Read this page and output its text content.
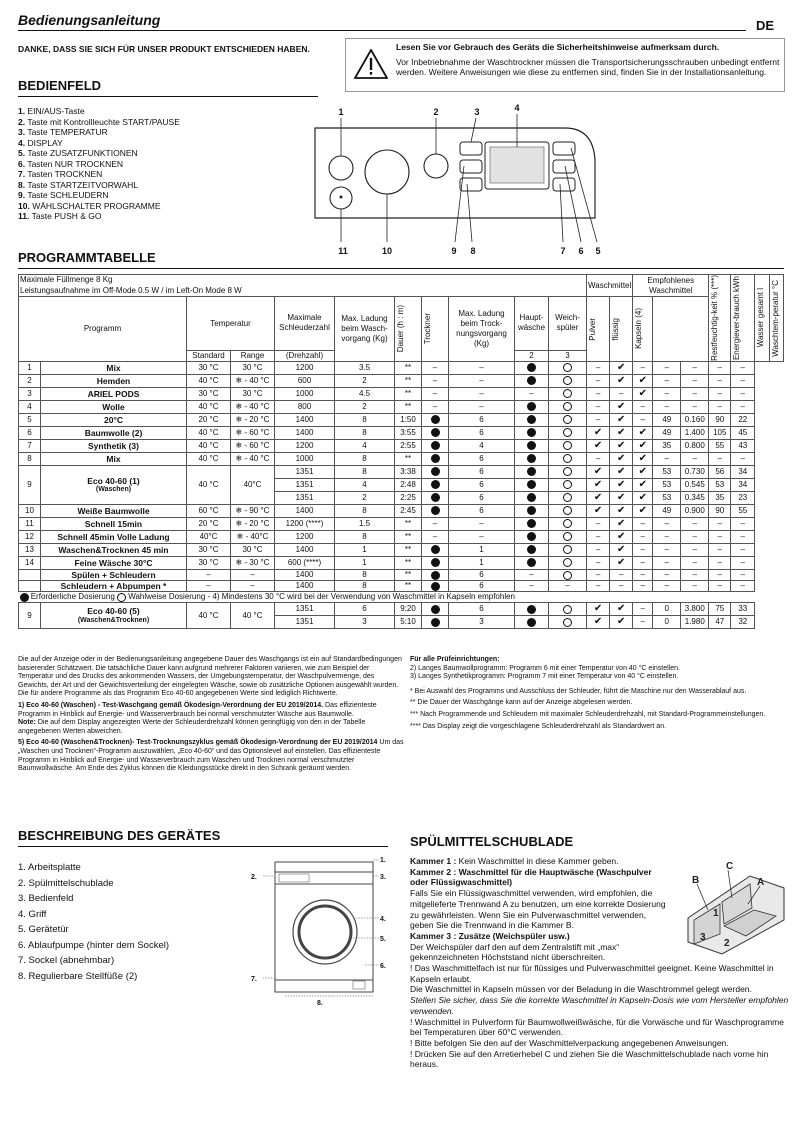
Bedienungsanleitung	DE
DANKE, DASS SIE SICH FÜR UNSER PRODUKT ENTSCHIEDEN HABEN.	Lesen Sie vor Gebrauch des Geräts die Sicherheitshinweise aufmerksam durch.
Vor Inbetriebnahme der Waschtrockner müssen die Transportsicherungsschrauben unbedingt entfernt werden. Weitere Anweisungen wie diese zu entfernen sind, finden Sie in der Installationsanleitung.
BEDIENFELD
1. EIN/AUS-Taste
2. Taste mit Kontrollleuchte START/PAUSE
3. Taste TEMPERATUR
4. DISPLAY
5. Taste ZUSATZFUNKTIONEN
6. Tasten NUR TROCKNEN
7. Tasten TROCKNEN
8. Taste STARTZEITVORWAHL
9. Taste SCHLEUDERN
10. WÄHLSCHALTER PROGRAMME
11. Taste PUSH & GO
1	2	3	4
11	10	9 8	7 6 5
PROGRAMMTABELLE
Maximale Füllmenge 8 Kg											Waschmittel		Empfohlenes Waschmittel			Restfeuchtig-keit % (***)	Energiever-brauch kWh	Wasser gesamt l	Waschtem-peratur °C

Leistungsaufnahme im Off-Mode 0.5 W / im Left-On Mode 8 W																			
Programm		Temperatur		Maximale Schleuderzahl	Max. Ladung beim Wasch-vorgang (Kg)	Dauer (h : m)	Trockner	Max. Ladung beim Trock-nungsvorgang (Kg)	Haupt-wäsche	Weich-spüler	Pulver	flüssig	Kapseln (4)						

		Standard	Range	(Drehzahl)					2	3									
1	Mix	30 °C	30 °C	1200	3.5	**	–	–			–	✔	–	–	–	–	–		
2	Hemden	40 °C	❄ - 40 °C	600	2	**	–	–			–	✔	✔	–	–	–	–		
3	ARIEL PODS	30 °C	30 °C	1000	4.5	**	–	–	–		–	–	✔	–	–	–	–		
4	Wolle	40 °C	❄ - 40 °C	800	2	**	–	–			–	✔	–	–	–	–	–		
5	20°C	20 °C	❄ - 20 °C	1400	8	1:50		6			–	✔	–	49	0.160	90	22		
6	Baumwolle (2)	40 °C	❄ - 60 °C	1400	8	3:55		6			✔	✔	✔	49	1.400	105	45		
7	Synthetik (3)	40 °C	❄ - 60 °C	1200	4	2:55		4			✔	✔	✔	35	0.800	55	43		
8	Mix	40 °C	❄ - 40 °C	1000	8	**		6			–	✔	✔	–	–	–	–		
9	Eco 40-60 (1)
(Waschen)	40 °C	40°C	1351	8	3:38		6			✔	✔	✔	53	0.730	56	34		
				1351	4	2:48		6			✔	✔	✔	53	0.545	53	34		
				1351	2	2:25		6			✔	✔	✔	53	0.345	35	23		
10	Weiße Baumwolle	60 °C	❄ - 90 °C	1400	8	2:45		6			✔	✔	✔	49	0.900	90	55		
11	Schnell 15min	20 °C	❄ - 20 °C	1200 (****)	1.5	**	–	–			–	✔	–	–	–	–	–		
12	Schnell 45min Volle Ladung	40°C	❄ - 40°C	1200	8	**	–	–			–	✔	–	–	–	–	–		
13	Waschen&Trocknen 45 min	30 °C	30 °C	1400	1	**		1			–	✔	–	–	–	–	–		
14	Feine Wäsche 30°C	30 °C	❄ - 30 °C	600 (****)	1	**		1			–	✔	–	–	–	–	–		
	Spülen + Schleudern	–	–	1400	8	**		6	–		–	–	–	–	–	–	–		
	Schleudern + Abpumpen *	–	–	1400	8	**		6	–	–	–	–	–	–	–	–	–		
Erforderliche Dosierung  Wahlweise Dosierung - 4) Mindestens 30 °C wird bei der Verwendung von Waschmittel in Kapseln empfohlen																			
9	Eco 40-60 (5)
(Waschen&Trocknen)	40 °C	40 °C	1351	6	9:20		6			✔	✔	–	0	3.800	75	33		
				1351	3	5:10		3			✔	✔	–	0	1.980	47	32		
Die auf der Anzeige oder in der Bedienungsanleitung angegebene Dauer des Waschgangs ist ein auf Standardbedingungen basierender Schätzwert. Die tatsächliche Dauer kann aufgrund mehrerer Faktoren variieren, wie zum Beispiel der Temperatur und des Drucks des ankommenden Wassers, der Umgebungstemperatur, der Waschpulvermenge, des Gewichts, der Art und der Gewichtsverteilung der eingelegten Wäsche, sowie ob zusätzliche Optionen ausgewählt wurden. Die für andere Programme als das Programm Eco 40-60 angegebenen Werte sind lediglich Richtwerte.
1) Eco 40-60 (Waschen) - Test-Waschgang gemäß Ökodesign-Verordnung der EU 2019/2014. Das effizienteste Programm in Hinblick auf Energie- und Wasserverbrauch bei normal verschmutzter Wäsche aus Baumwolle.
Note: Die auf dem Display angezeigten Werte der Schleuderdrehzahl können geringfügig von den in der Tabelle angegebenen Werten abweichen.
5) Eco 40-60 (Waschen&Trocknen)- Test-Trocknungszyklus gemäß Ökodesign-Verordnung der EU 2019/2014 Um das „Waschen und Trocknen“-Programm auszuwählen, „Eco 40-60“ und das Optionslevel auf einstellen. Das effizienteste Programm in Hinblick auf Energie- und Wasserverbrauch zum Waschen und Trocknen normal verschmutzter Baumwollwäsche. Am Ende des Zyklus können die Kleidungsstücke direkt in den Schrank geräumt werden.
Für alle Prüfeinrichtungen:
2) Langes Baumwollprogramm: Programm 6 mit einer Temperatur von 40 °C einstellen.
3) Langes Synthetikprogramm: Programm 7 mit einer Temperatur von 40 °C einstellen.
* Bei Auswahl des Programms und Ausschluss der Schleuder, führt die Maschine nur den Wasserablauf aus.
** Die Dauer der Waschgänge kann auf der Anzeige abgelesen werden.
*** Nach Programmende und Schleudern mit maximaler Schleuderdrehzahl, mit Standard-Programmeinstellungen.
**** Das Display zeigt die vorgeschlagene Schleuderdrehzahl als Standardwert an.
BESCHREIBUNG DES GERÄTES
1. Arbeitsplatte
2. Spülmittelschublade
3. Bedienfeld
4. Griff
5. Gerätetür
6. Ablaufpumpe (hinter dem Sockel)
7. Sockel (abnehmbar)
8. Regulierbare Stellfüße (2)
1.
2.	3.
4.
5.
6.
7.
8.
SPÜLMITTELSCHUBLADE
Kammer 1 : Kein Waschmittel in diese Kammer geben.
Kammer 2 : Waschmittel für die Hauptwäsche (Waschpulver oder Flüssigwaschmittel)
Falls Sie ein Flüssigwaschmittel verwenden, wird empfohlen, die mitgelieferte Trennwand A zu benutzen, um eine korrekte Dosierung zu gewährleisten. Wenn Sie ein Pulverwaschmittel verwenden, geben Sie die Trennwand in die Kammer B.
Kammer 3 : Zusätze (Weichspüler usw.)
Der Weichspüler darf den auf dem Zentralstift mit „max“ gekennzeichneten Höchststand nicht überschreiten.
! Das Waschmittelfach ist nur für flüssiges und Pulverwaschmittel geeignet. Keine Waschmittel in Kapseln erlaubt.
Die Waschmittel in Kapseln müssen vor der Beladung in die Waschtrommel gelegt werden.
Stellen Sie sicher, dass Sie die korrekte Waschmittel in Kapseln-Dosis wie vom Hersteller empfohlen verwenden.
! Waschmittel in Pulverform für Baumwollweißwäsche, für die Vorwäsche und für Waschprogramme bei Temperaturen über 60°C verwenden.
! Bitte befolgen Sie den auf der Waschmittelverpackung angegebenen Anweisungen.
! Drücken Sie auf den Arretierhebel C und ziehen Sie die Waschmittelschublade nach vorne hin heraus.
A
B
C
1
2
3
